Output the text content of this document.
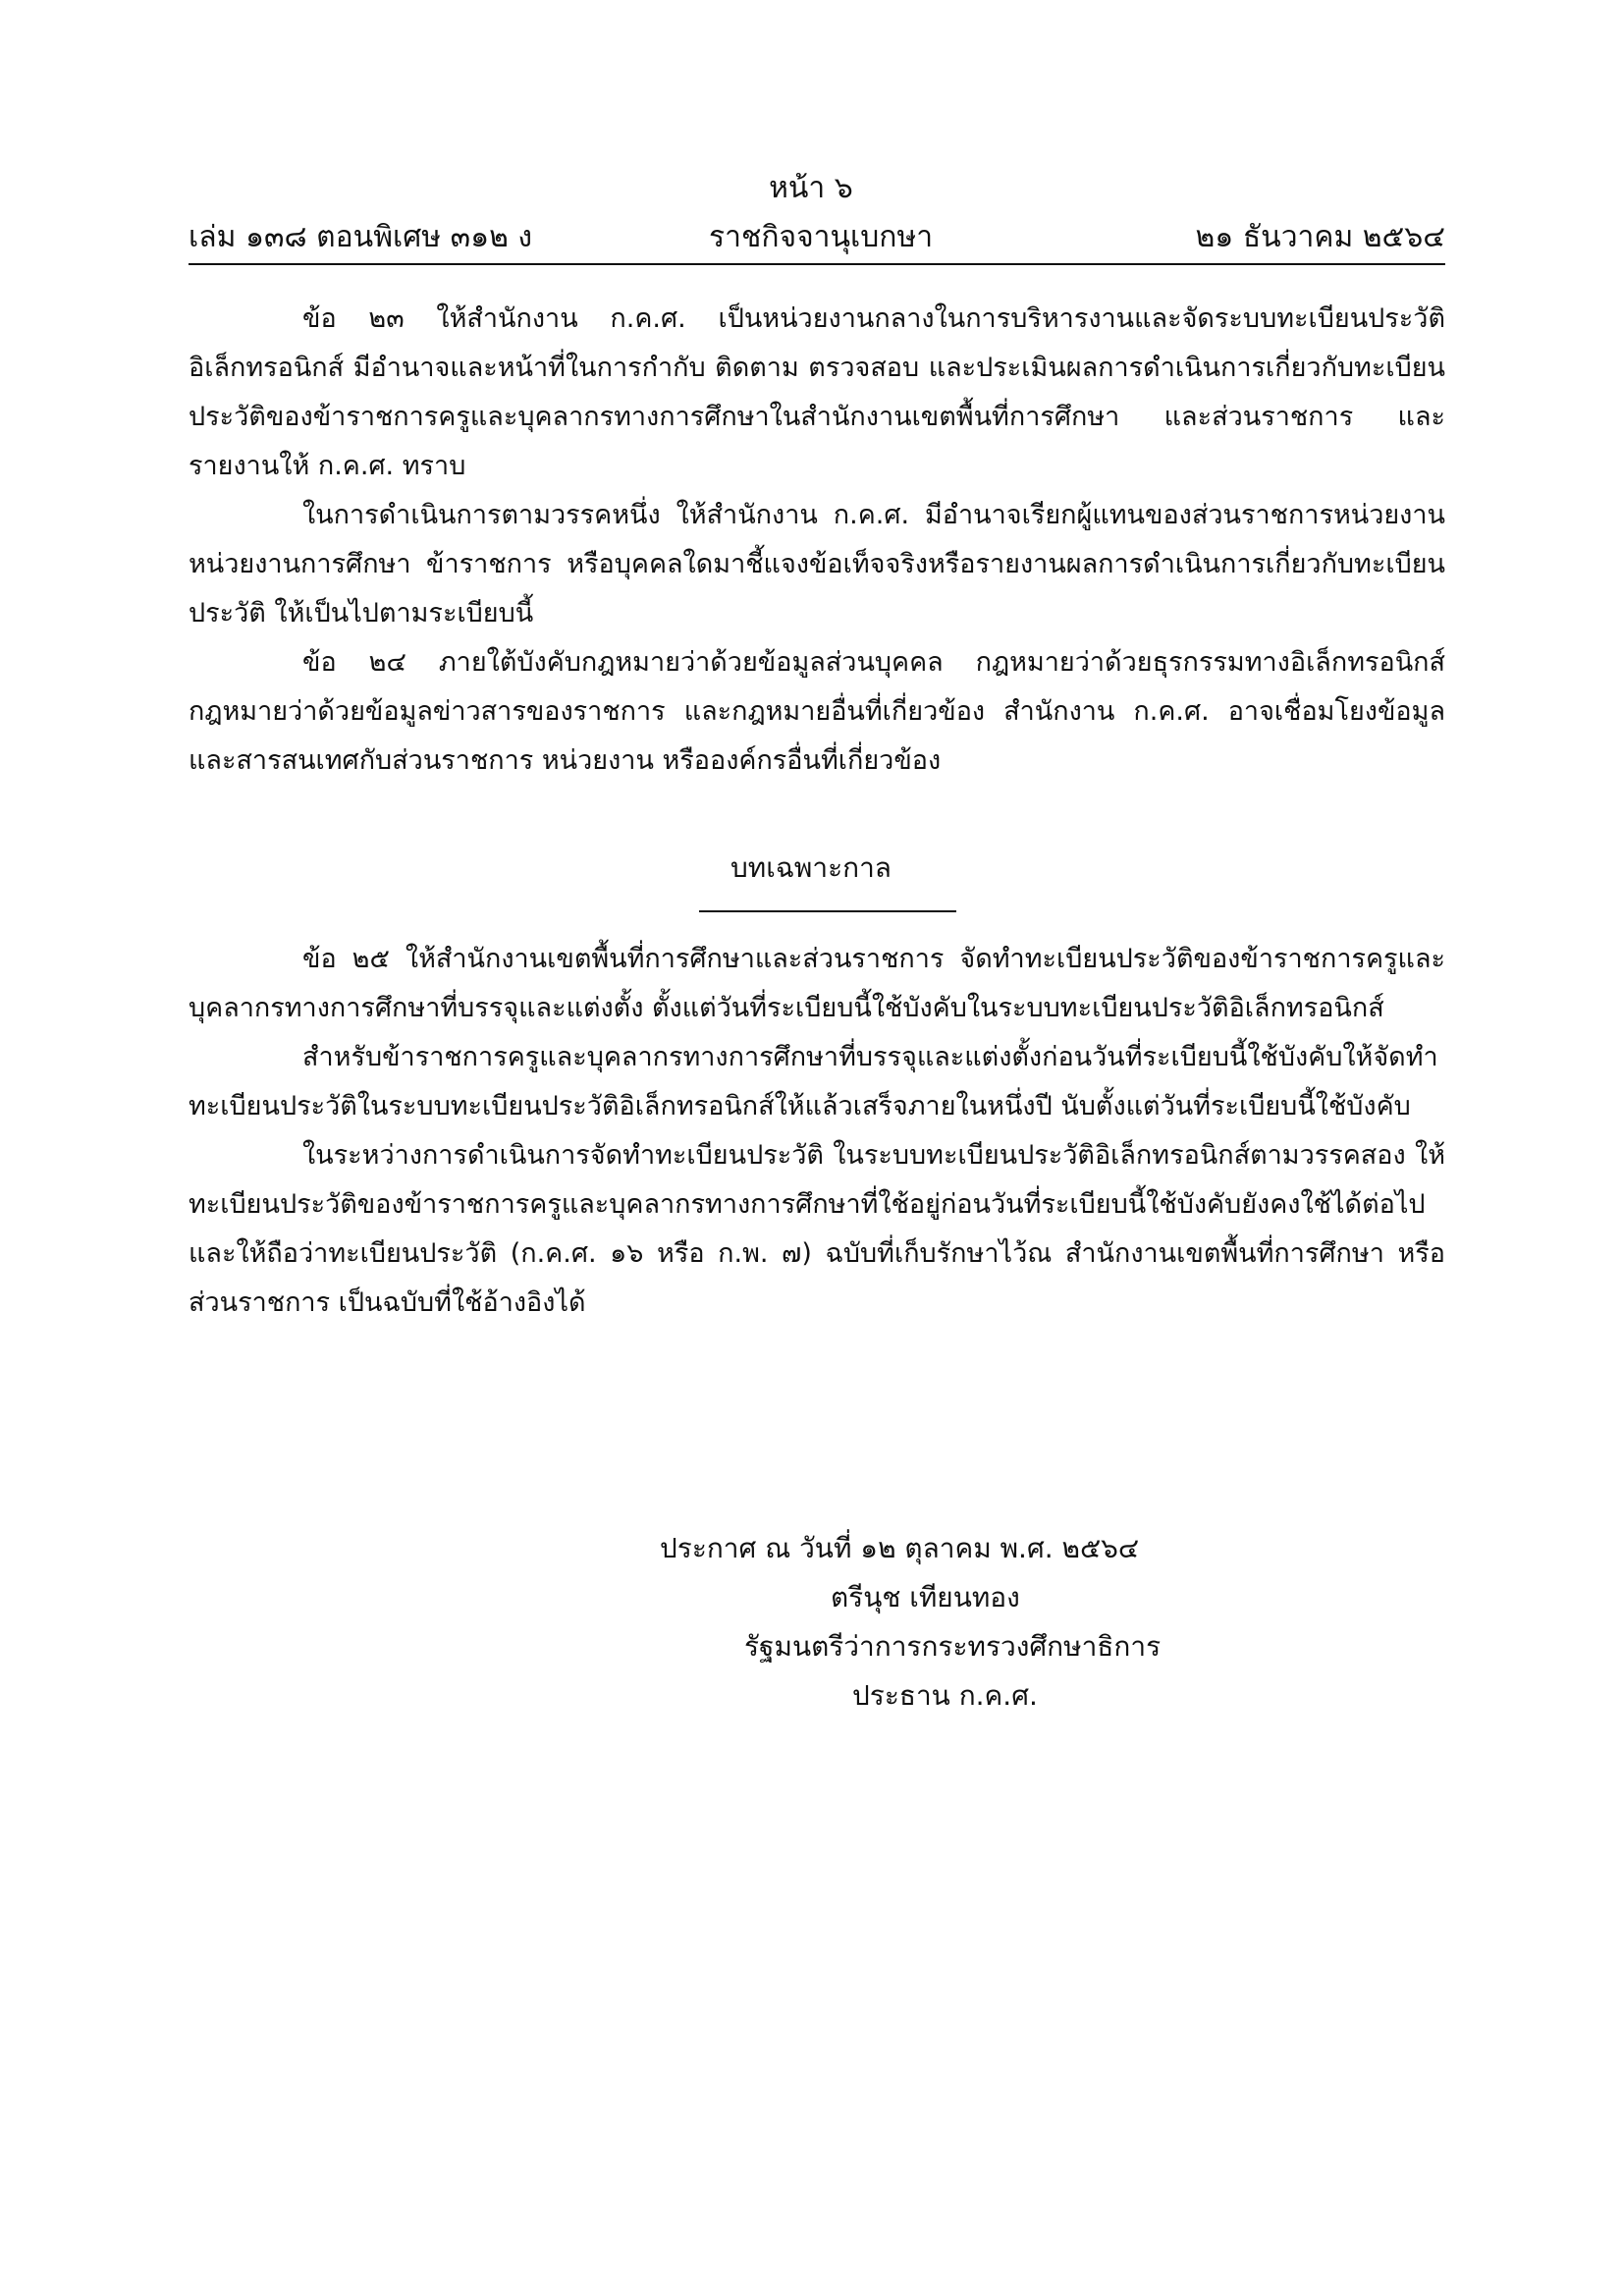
หน้า ๖
เล่ม ๑๓๘ ตอนพิเศษ ๓๑๒ ง	ราชกิจจานุเบกษา	๒๑ ธันวาคม ๒๕๖๔

ข้อ ๒๓ ให้สำนักงาน ก.ค.ศ. เป็นหน่วยงานกลางในการบริหารงานและจัดระบบทะเบียนประวัติอิเล็กทรอนิกส์ มีอำนาจและหน้าที่ในการกำกับ ติดตาม ตรวจสอบ และประเมินผลการดำเนินการเกี่ยวกับทะเบียนประวัติของข้าราชการครูและบุคลากรทางการศึกษาในสำนักงานเขตพื้นที่การศึกษา และส่วนราชการ และรายงานให้ ก.ค.ศ. ทราบ

ในการดำเนินการตามวรรคหนึ่ง ให้สำนักงาน ก.ค.ศ. มีอำนาจเรียกผู้แทนของส่วนราชการหน่วยงาน หน่วยงานการศึกษา ข้าราชการ หรือบุคคลใดมาชี้แจงข้อเท็จจริงหรือรายงานผลการดำเนินการเกี่ยวกับทะเบียนประวัติ ให้เป็นไปตามระเบียบนี้

ข้อ ๒๔ ภายใต้บังคับกฎหมายว่าด้วยข้อมูลส่วนบุคคล กฎหมายว่าด้วยธุรกรรมทางอิเล็กทรอนิกส์กฎหมายว่าด้วยข้อมูลข่าวสารของราชการ และกฎหมายอื่นที่เกี่ยวข้อง สำนักงาน ก.ค.ศ. อาจเชื่อมโยงข้อมูลและสารสนเทศกับส่วนราชการ หน่วยงาน หรือองค์กรอื่นที่เกี่ยวข้อง

บทเฉพาะกาล

ข้อ ๒๕ ให้สำนักงานเขตพื้นที่การศึกษาและส่วนราชการ จัดทำทะเบียนประวัติของข้าราชการครูและบุคลากรทางการศึกษาที่บรรจุและแต่งตั้ง ตั้งแต่วันที่ระเบียบนี้ใช้บังคับในระบบทะเบียนประวัติอิเล็กทรอนิกส์

สำหรับข้าราชการครูและบุคลากรทางการศึกษาที่บรรจุและแต่งตั้งก่อนวันที่ระเบียบนี้ใช้บังคับให้จัดทำทะเบียนประวัติในระบบทะเบียนประวัติอิเล็กทรอนิกส์ให้แล้วเสร็จภายในหนึ่งปี นับตั้งแต่วันที่ระเบียบนี้ใช้บังคับ

ในระหว่างการดำเนินการจัดทำทะเบียนประวัติ ในระบบทะเบียนประวัติอิเล็กทรอนิกส์ตามวรรคสอง ให้ทะเบียนประวัติของข้าราชการครูและบุคลากรทางการศึกษาที่ใช้อยู่ก่อนวันที่ระเบียบนี้ใช้บังคับยังคงใช้ได้ต่อไป และให้ถือว่าทะเบียนประวัติ (ก.ค.ศ. ๑๖ หรือ ก.พ. ๗) ฉบับที่เก็บรักษาไว้ณ สำนักงานเขตพื้นที่การศึกษา หรือส่วนราชการ เป็นฉบับที่ใช้อ้างอิงได้

ประกาศ ณ วันที่ ๑๒ ตุลาคม พ.ศ. ๒๕๖๔
ตรีนุช เทียนทอง
รัฐมนตรีว่าการกระทรวงศึกษาธิการ
ประธาน ก.ค.ศ.
